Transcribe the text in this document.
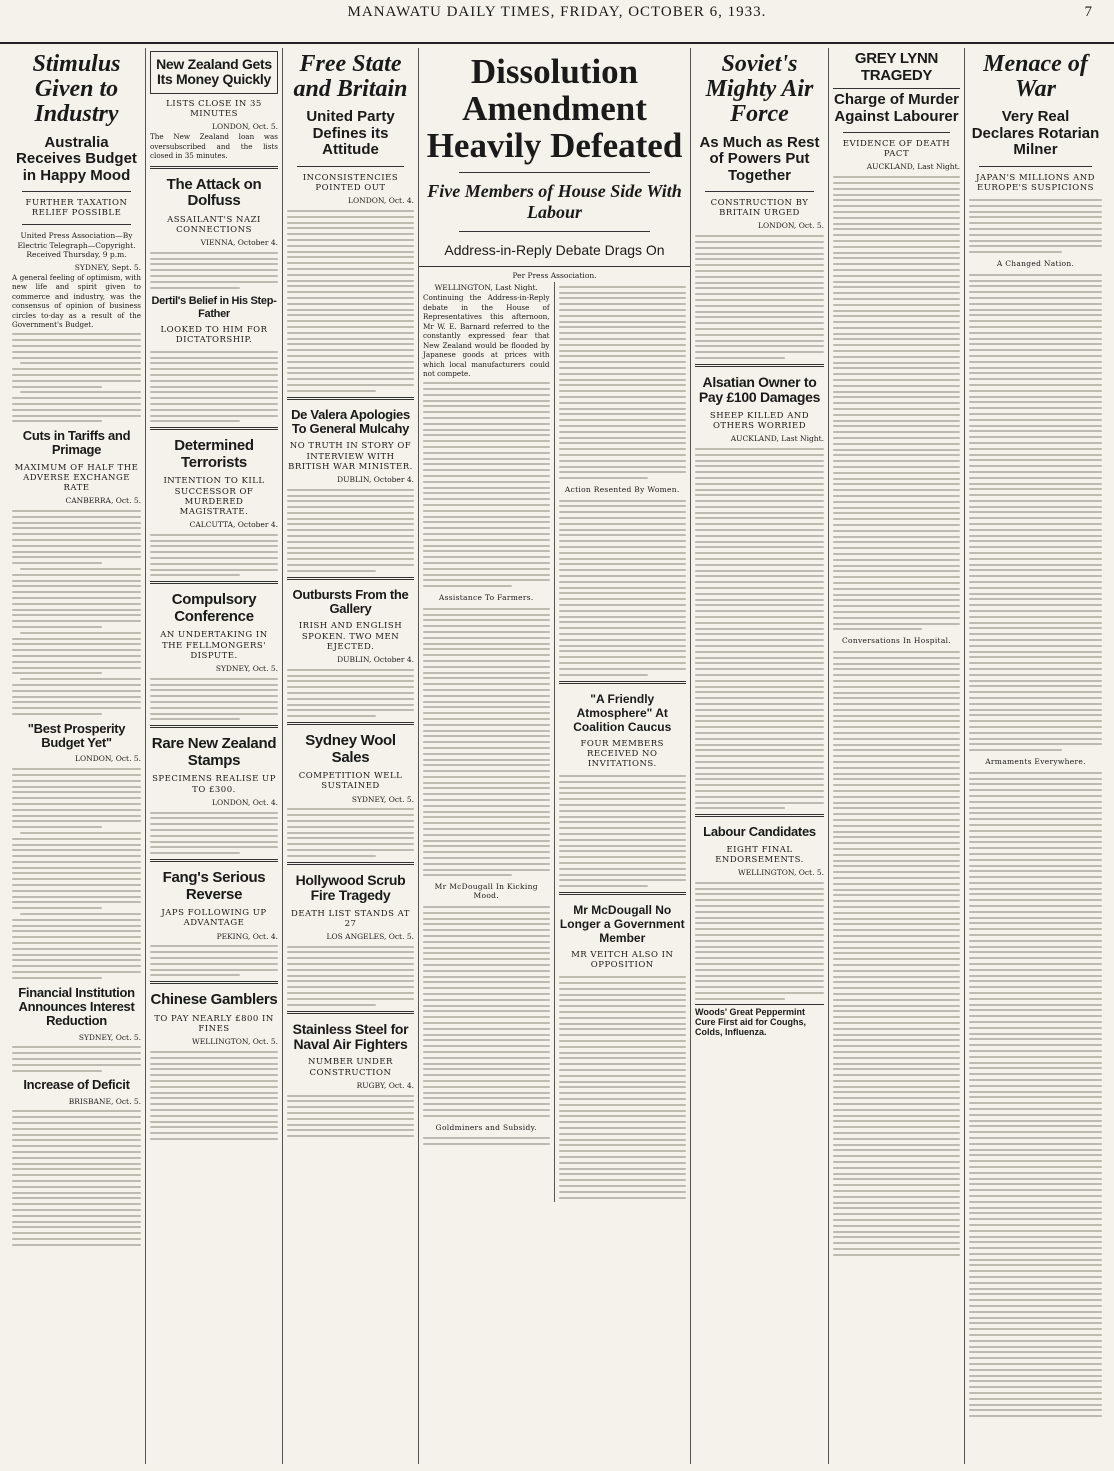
MANAWATU DAILY TIMES, FRIDAY, OCTOBER 6, 1933.	7
Stimulus Given to Industry
Australia Receives Budget in Happy Mood
FURTHER TAXATION RELIEF POSSIBLE
United Press Association—By Electric Telegraph—Copyright. Received Thursday, 9 p.m.
SYDNEY, Sept. 5.
A general feeling of optimism, with new life and spirit given to commerce and industry, was the consensus of opinion of business circles to-day as a result of the Government's Budget.
Cuts in Tariffs and Primage
MAXIMUM OF HALF THE ADVERSE EXCHANGE RATE
CANBERRA, Oct. 5.
"Best Prosperity Budget Yet"
LONDON, Oct. 5.
Financial Institution Announces Interest Reduction
SYDNEY, Oct. 5.
Increase of Deficit
BRISBANE, Oct. 5.
New Zealand Gets Its Money Quickly
LISTS CLOSE IN 35 MINUTES
LONDON, Oct. 5.
The New Zealand loan was oversubscribed and the lists closed in 35 minutes.
The Attack on Dolfuss
ASSAILANT'S NAZI CONNECTIONS
VIENNA, October 4.
Dertil's Belief in His Step-Father
LOOKED TO HIM FOR DICTATORSHIP.
Determined Terrorists
INTENTION TO KILL SUCCESSOR OF MURDERED MAGISTRATE.
CALCUTTA, October 4.
Compulsory Conference
AN UNDERTAKING IN THE FELLMONGERS' DISPUTE.
SYDNEY, Oct. 5.
Rare New Zealand Stamps
SPECIMENS REALISE UP TO £300.
LONDON, Oct. 4.
Fang's Serious Reverse
JAPS FOLLOWING UP ADVANTAGE
PEKING, Oct. 4.
Chinese Gamblers
TO PAY NEARLY £800 IN FINES
WELLINGTON, Oct. 5.
Free State and Britain
United Party Defines its Attitude
INCONSISTENCIES POINTED OUT
LONDON, Oct. 4.
De Valera Apologies To General Mulcahy
NO TRUTH IN STORY OF INTERVIEW WITH BRITISH WAR MINISTER.
DUBLIN, October 4.
Outbursts From the Gallery
IRISH AND ENGLISH SPOKEN. TWO MEN EJECTED.
DUBLIN, October 4.
Sydney Wool Sales
COMPETITION WELL SUSTAINED
SYDNEY, Oct. 5.
Hollywood Scrub Fire Tragedy
DEATH LIST STANDS AT 27
LOS ANGELES, Oct. 5.
Stainless Steel for Naval Air Fighters
NUMBER UNDER CONSTRUCTION
RUGBY, Oct. 4.
Dissolution Amendment Heavily Defeated
Five Members of House Side With Labour
Address-in-Reply Debate Drags On
Per Press Association.
WELLINGTON, Last Night.
Continuing the Address-in-Reply debate in the House of Representatives this afternoon, Mr W. E. Barnard referred to the constantly expressed fear that New Zealand would be flooded by Japanese goods at prices with which local manufacturers could not compete.
Assistance To Farmers.
Mr McDougall In Kicking Mood.
Goldminers and Subsidy.
Action Resented By Women.
"A Friendly Atmosphere" At Coalition Caucus
FOUR MEMBERS RECEIVED NO INVITATIONS.
Mr McDougall No Longer a Government Member
MR VEITCH ALSO IN OPPOSITION
Soviet's Mighty Air Force
As Much as Rest of Powers Put Together
CONSTRUCTION BY BRITAIN URGED
LONDON, Oct. 5.
Alsatian Owner to Pay £100 Damages
SHEEP KILLED AND OTHERS WORRIED
AUCKLAND, Last Night.
Labour Candidates
EIGHT FINAL ENDORSEMENTS.
WELLINGTON, Oct. 5.
Woods' Great Peppermint Cure First aid for Coughs, Colds, Influenza.
GREY LYNN TRAGEDY
Charge of Murder Against Labourer
EVIDENCE OF DEATH PACT
AUCKLAND, Last Night.
Conversations In Hospital.
Menace of War
Very Real Declares Rotarian Milner
JAPAN'S MILLIONS AND EUROPE'S SUSPICIONS
A Changed Nation.
Armaments Everywhere.
